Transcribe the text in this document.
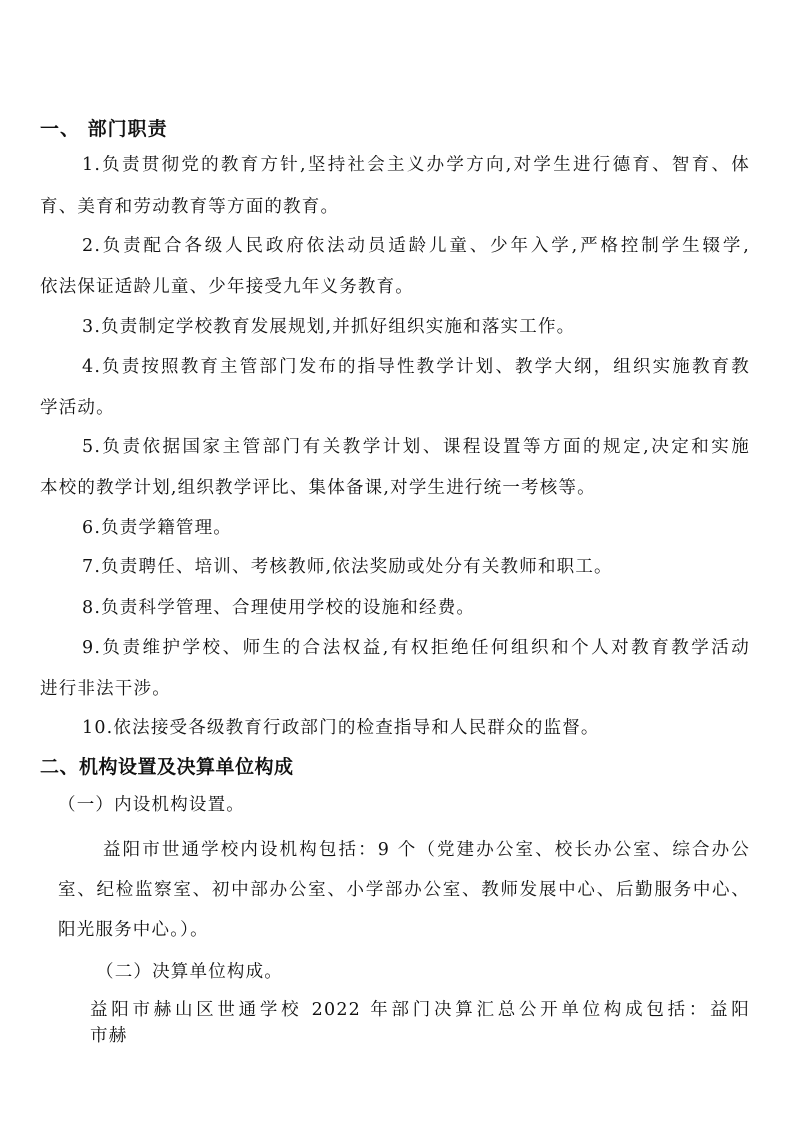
一、 部门职责
1.负责贯彻党的教育方针,坚持社会主义办学方向,对学生进行德育、智育、体
育、美育和劳动教育等方面的教育。
2.负责配合各级人民政府依法动员适龄儿童、少年入学,严格控制学生辍学,
依法保证适龄儿童、少年接受九年义务教育。
3.负责制定学校教育发展规划,并抓好组织实施和落实工作。
4.负责按照教育主管部门发布的指导性教学计划、教学大纲，组织实施教育教
学活动。
5.负责依据国家主管部门有关教学计划、课程设置等方面的规定,决定和实施
本校的教学计划,组织教学评比、集体备课,对学生进行统一考核等。
6.负责学籍管理。
7.负责聘任、培训、考核教师,依法奖励或处分有关教师和职工。
8.负责科学管理、合理使用学校的设施和经费。
9.负责维护学校、师生的合法权益,有权拒绝任何组织和个人对教育教学活动
进行非法干涉。
10.依法接受各级教育行政部门的检查指导和人民群众的监督。
二、机构设置及决算单位构成
（一）内设机构设置。
益阳市世通学校内设机构包括：9 个（党建办公室、校长办公室、综合办公
室、纪检监察室、初中部办公室、小学部办公室、教师发展中心、后勤服务中心、
阳光服务中心。）。
（二）决算单位构成。
益阳市赫山区世通学校 2022 年部门决算汇总公开单位构成包括：益阳
市赫
